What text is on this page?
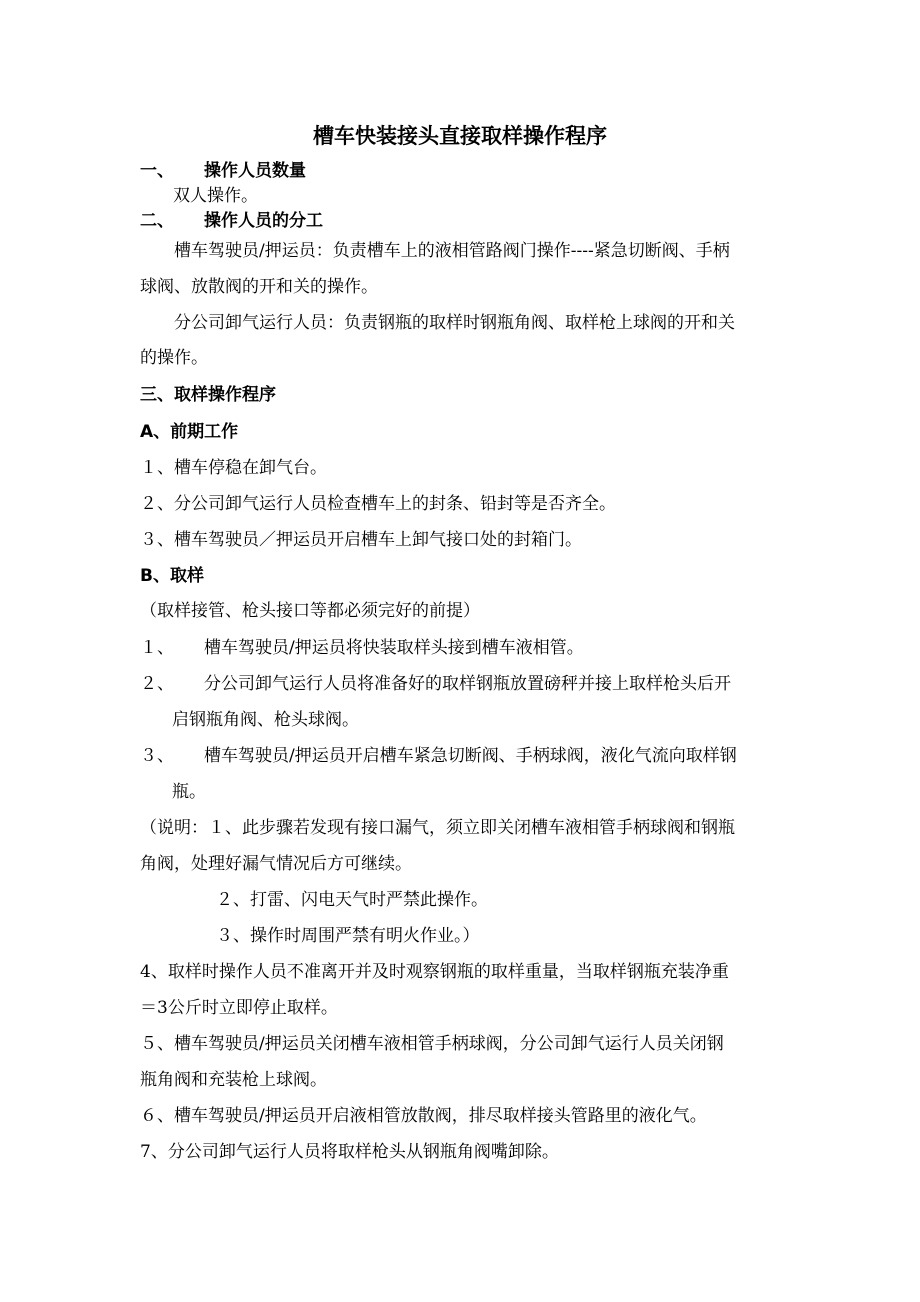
槽车快装接头直接取样操作程序
一、 操作人员数量
双人操作。
二、 操作人员的分工
槽车驾驶员/押运员：负责槽车上的液相管路阀门操作----紧急切断阀、手柄
球阀、放散阀的开和关的操作。
分公司卸气运行人员：负责钢瓶的取样时钢瓶角阀、取样枪上球阀的开和关
的操作。
三、取样操作程序
A、前期工作
１、槽车停稳在卸气台。
２、分公司卸气运行人员检查槽车上的封条、铅封等是否齐全。
３、槽车驾驶员／押运员开启槽车上卸气接口处的封箱门。
B、取样
（取样接管、枪头接口等都必须完好的前提）
１、 槽车驾驶员/押运员将快装取样头接到槽车液相管。
２、 分公司卸气运行人员将准备好的取样钢瓶放置磅秤并接上取样枪头后开
启钢瓶角阀、枪头球阀。
３、 槽车驾驶员/押运员开启槽车紧急切断阀、手柄球阀，液化气流向取样钢
瓶。
（说明：１、此步骤若发现有接口漏气，须立即关闭槽车液相管手柄球阀和钢瓶
角阀，处理好漏气情况后方可继续。
２、打雷、闪电天气时严禁此操作。
３、操作时周围严禁有明火作业。）
4、取样时操作人员不准离开并及时观察钢瓶的取样重量，当取样钢瓶充装净重
＝3公斤时立即停止取样。
５、槽车驾驶员/押运员关闭槽车液相管手柄球阀，分公司卸气运行人员关闭钢
瓶角阀和充装枪上球阀。
６、槽车驾驶员/押运员开启液相管放散阀，排尽取样接头管路里的液化气。
7、分公司卸气运行人员将取样枪头从钢瓶角阀嘴卸除。
